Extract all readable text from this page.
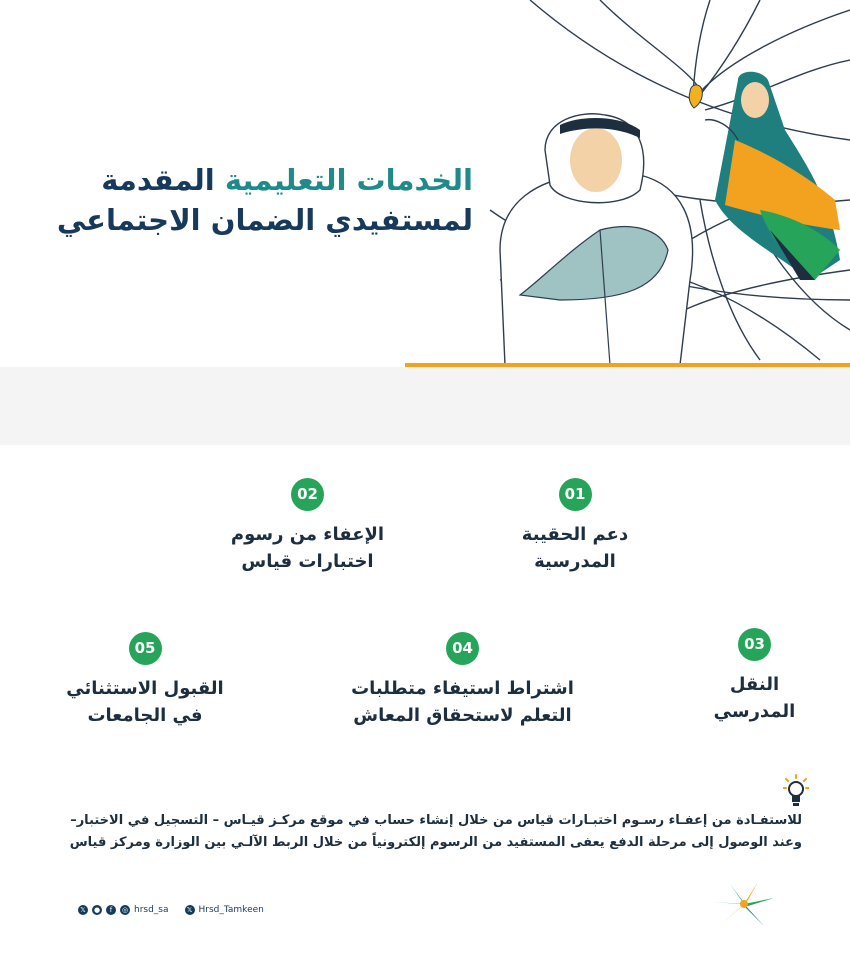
الخدمات التعليمية المقدمة
لمستفيدي الضمان الاجتماعي
01
دعم الحقيبة
المدرسية
02
الإعفاء من رسوم
اختبارات قياس
03
النقل
المدرسي
04
اشتراط استيفاء متطلبات
التعلم لاستحقاق المعاش
05
القبول الاستثنائي
في الجامعات
للاستفـادة من إعفـاء رسـوم اختبـارات قياس من خلال إنشاء حساب في موقع مركـز قيـاس – التسجيل في الاختبار–
وعند الوصول إلى مرحلة الدفع يعفى المستفيد من الرسوم إلكترونياً من خلال الربط الآلـي بين الوزارة ومركز قياس
𝕏	●	f	◎ hrsd_sa	𝕏 Hrsd_Tamkeen
